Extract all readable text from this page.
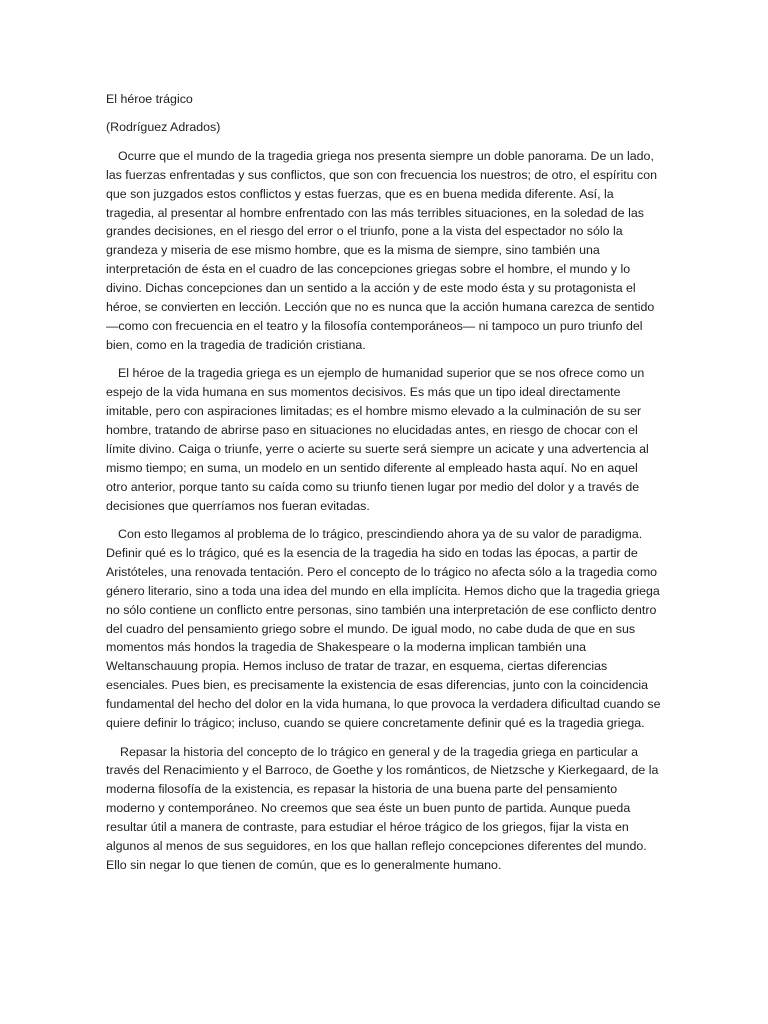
El héroe trágico

(Rodríguez Adrados)

Ocurre que el mundo de la tragedia griega nos presenta siempre un doble panorama. De un lado, las fuerzas enfrentadas y sus conflictos, que son con frecuencia los nuestros; de otro, el espíritu con que son juzgados estos conflictos y estas fuerzas, que es en buena medida diferente. Así, la tragedia, al presentar al hombre enfrentado con las más terribles situaciones, en la soledad de las grandes decisiones, en el riesgo del error o el triunfo, pone a la vista del espectador no sólo la grandeza y miseria de ese mismo hombre, que es la misma de siempre, sino también una interpretación de ésta en el cuadro de las concepciones griegas sobre el hombre, el mundo y lo divino. Dichas concepciones dan un sentido a la acción y de este modo ésta y su protagonista el héroe, se convierten en lección. Lección que no es nunca que la acción humana carezca de sentido —como con frecuencia en el teatro y la filosofía contemporáneos— ni tampoco un puro triunfo del bien, como en la tragedia de tradición cristiana.

El héroe de la tragedia griega es un ejemplo de humanidad superior que se nos ofrece como un espejo de la vida humana en sus momentos decisivos. Es más que un tipo ideal directamente imitable, pero con aspiraciones limitadas; es el hombre mismo elevado a la culminación de su ser hombre, tratando de abrirse paso en situaciones no elucidadas antes, en riesgo de chocar con el límite divino. Caiga o triunfe, yerre o acierte su suerte será siempre un acicate y una advertencia al mismo tiempo; en suma, un modelo en un sentido diferente al empleado hasta aquí. No en aquel otro anterior, porque tanto su caída como su triunfo tienen lugar por medio del dolor y a través de decisiones que querríamos nos fueran evitadas.

Con esto llegamos al problema de lo trágico, prescindiendo ahora ya de su valor de paradigma. Definir qué es lo trágico, qué es la esencia de la tragedia ha sido en todas las épocas, a partir de Aristóteles, una renovada tentación. Pero el concepto de lo trágico no afecta sólo a la tragedia como género literario, sino a toda una idea del mundo en ella implícita. Hemos dicho que la tragedia griega no sólo contiene un conflicto entre personas, sino también una interpretación de ese conflicto dentro del cuadro del pensamiento griego sobre el mundo. De igual modo, no cabe duda de que en sus momentos más hondos la tragedia de Shakespeare o la moderna implican también una Weltanschauung propia. Hemos incluso de tratar de trazar, en esquema, ciertas diferencias esenciales. Pues bien, es precisamente la existencia de esas diferencias, junto con la coincidencia fundamental del hecho del dolor en la vida humana, lo que provoca la verdadera dificultad cuando se quiere definir lo trágico; incluso, cuando se quiere concretamente definir qué es la tragedia griega.

Repasar la historia del concepto de lo trágico en general y de la tragedia griega en particular a través del Renacimiento y el Barroco, de Goethe y los románticos, de Nietzsche y Kierkegaard, de la moderna filosofía de la existencia, es repasar la historia de una buena parte del pensamiento moderno y contemporáneo. No creemos que sea éste un buen punto de partida. Aunque pueda resultar útil a manera de contraste, para estudiar el héroe trágico de los griegos, fijar la vista en algunos al menos de sus seguidores, en los que hallan reflejo concepciones diferentes del mundo. Ello sin negar lo que tienen de común, que es lo generalmente humano.
